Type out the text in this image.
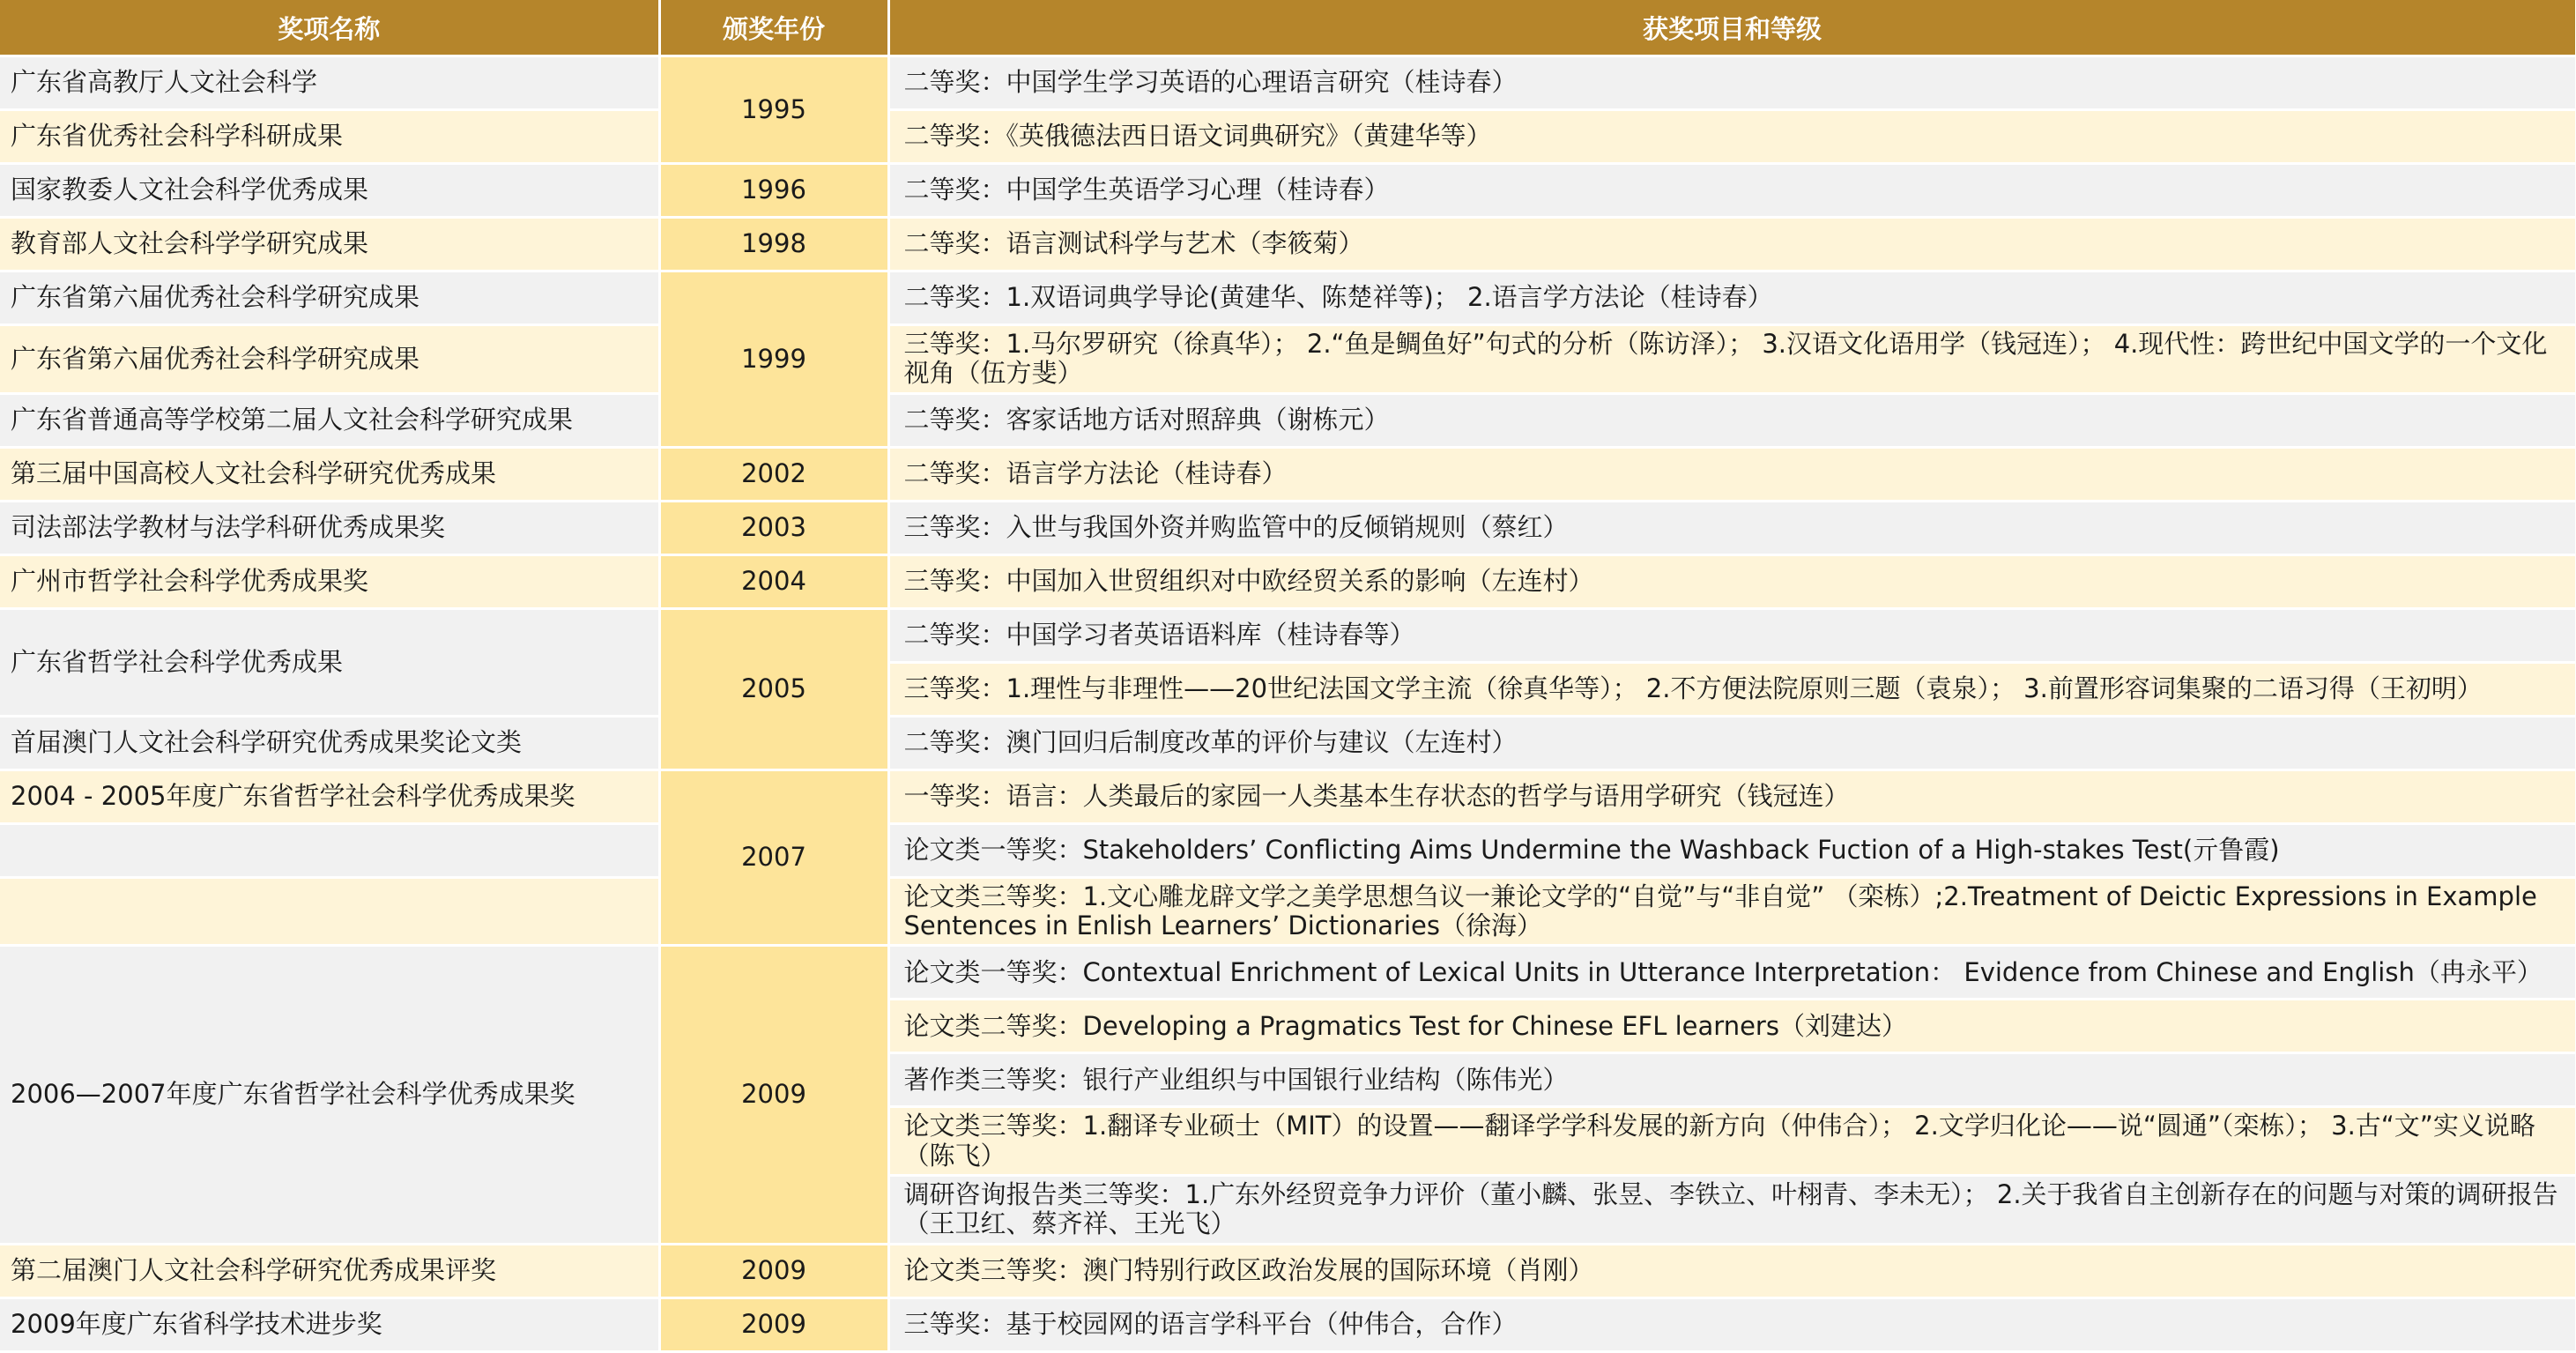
奖项名称	颁奖年份	获奖项目和等级
广东省高教厅人文社会科学	1995	二等奖：中国学生学习英语的心理语言研究（桂诗春）
广东省优秀社会科学科研成果		二等奖：《英俄德法西日语文词典研究》（黄建华等）
国家教委人文社会科学优秀成果	1996	二等奖：中国学生英语学习心理（桂诗春）
教育部人文社会科学学研究成果	1998	二等奖：语言测试科学与艺术（李筱菊）
广东省第六届优秀社会科学研究成果	1999	二等奖：1.双语词典学导论(黄建华、陈楚祥等)； 2.语言学方法论（桂诗春）
广东省第六届优秀社会科学研究成果		三等奖：1.马尔罗研究（徐真华）； 2.“鱼是鲷鱼好”句式的分析（陈访泽）； 3.汉语文化语用学（钱冠连）； 4.现代性：跨世纪中国文学的一个文化视角（伍方斐）
广东省普通高等学校第二届人文社会科学研究成果		二等奖：客家话地方话对照辞典（谢栋元）
第三届中国高校人文社会科学研究优秀成果	2002	二等奖：语言学方法论（桂诗春）
司法部法学教材与法学科研优秀成果奖	2003	三等奖：入世与我国外资并购监管中的反倾销规则（蔡红）
广州市哲学社会科学优秀成果奖	2004	三等奖：中国加入世贸组织对中欧经贸关系的影响（左连村）
广东省哲学社会科学优秀成果	2005	二等奖：中国学习者英语语料库（桂诗春等）
		三等奖：1.理性与非理性——20世纪法国文学主流（徐真华等）； 2.不方便法院原则三题（袁泉）； 3.前置形容词集聚的二语习得（王初明）
首届澳门人文社会科学研究优秀成果奖论文类		二等奖：澳门回归后制度改革的评价与建议（左连村）
2004 - 2005年度广东省哲学社会科学优秀成果奖	2007	一等奖：语言：人类最后的家园一人类基本生存状态的哲学与语用学研究（钱冠连）
		论文类一等奖：Stakeholders’ Conflicting Aims Undermine the Washback Fuction of a High-stakes Test(亓鲁霞)
		论文类三等奖：1.文心雕龙辟文学之美学思想刍议一兼论文学的“自觉”与“非自觉” （栾栋）;2.Treatment of Deictic Expressions in Example Sentences in Enlish Learners’ Dictionaries（徐海）
2006—2007年度广东省哲学社会科学优秀成果奖	2009	论文类一等奖：Contextual Enrichment of Lexical Units in Utterance Interpretation： Evidence from Chinese and English（冉永平）
		论文类二等奖：Developing a Pragmatics Test for Chinese EFL learners（刘建达）
		著作类三等奖：银行产业组织与中国银行业结构（陈伟光）
		论文类三等奖：1.翻译专业硕士（MIT）的设置——翻译学学科发展的新方向（仲伟合）； 2.文学归化论——说“圆通”（栾栋）； 3.古“文”实义说略（陈飞）
		调研咨询报告类三等奖：1.广东外经贸竞争力评价（董小麟、张昱、李铁立、叶栩青、李未无）； 2.关于我省自主创新存在的问题与对策的调研报告（王卫红、蔡齐祥、王光飞）
第二届澳门人文社会科学研究优秀成果评奖	2009	论文类三等奖：澳门特别行政区政治发展的国际环境（肖刚）
2009年度广东省科学技术进步奖	2009	三等奖：基于校园网的语言学科平台（仲伟合，合作）
